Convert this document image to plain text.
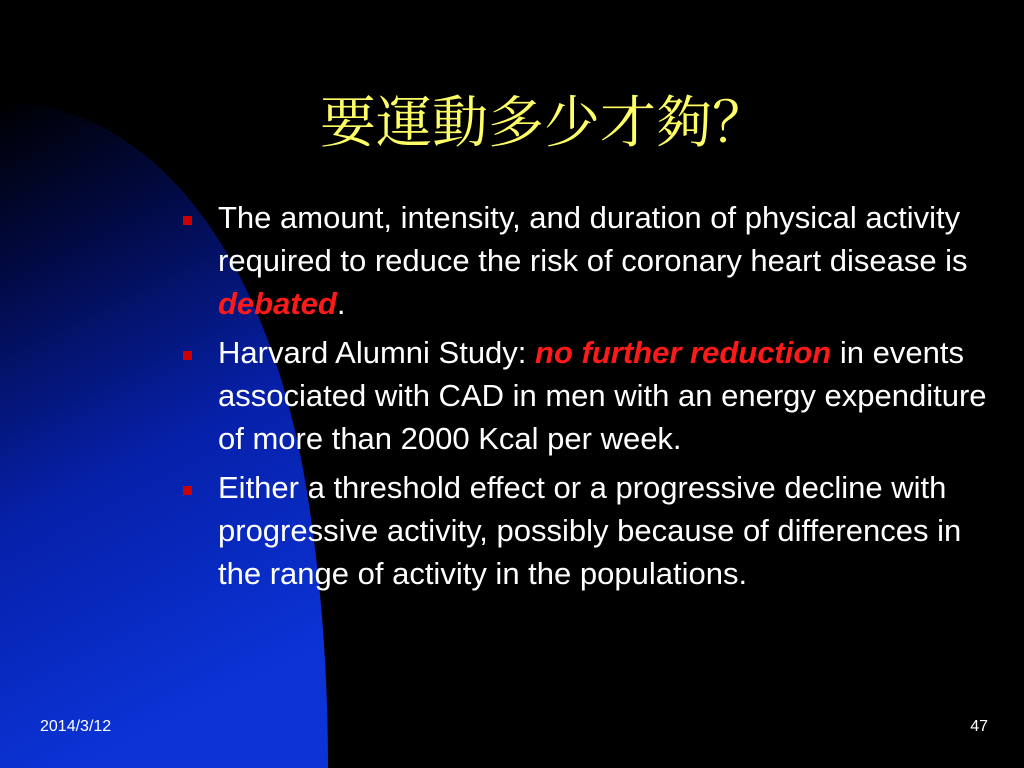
要運動多少才夠？
The amount, intensity, and duration of physical activity required to reduce the risk of coronary heart disease is debated.
Harvard Alumni Study: no further reduction in events associated with CAD in men with an energy expenditure of more than 2000 Kcal per week.
Either a threshold effect or a progressive decline with progressive activity, possibly because of differences in the range of activity in the populations.
2014/3/12	47
